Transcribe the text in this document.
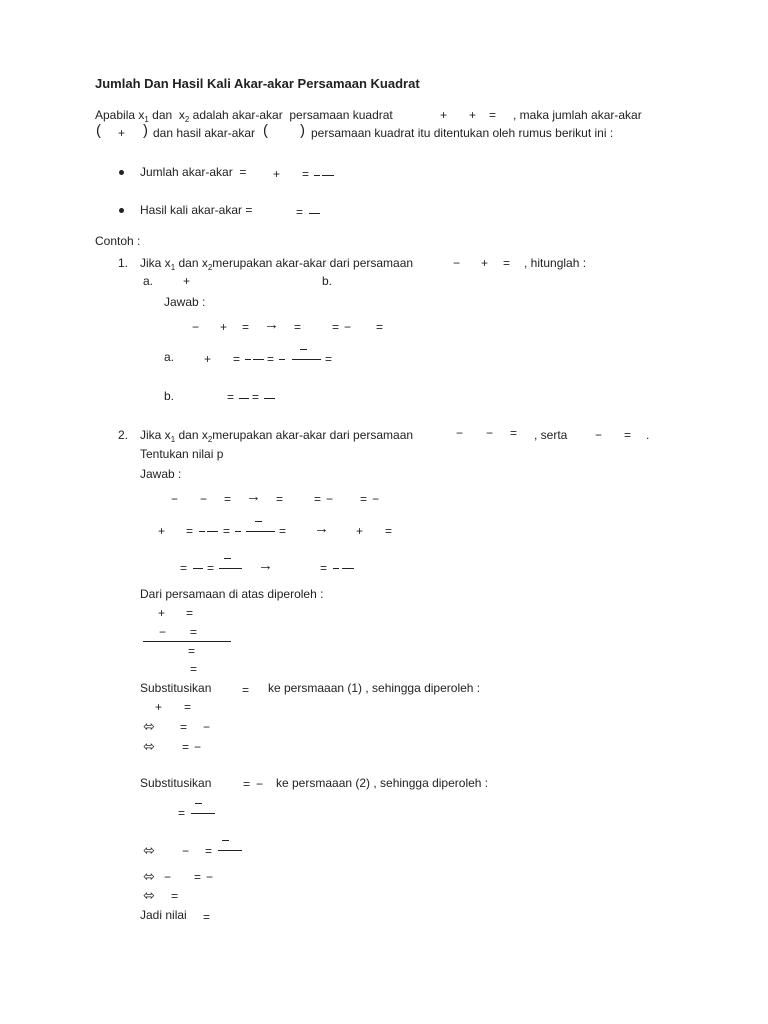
Jumlah Dan Hasil Kali Akar-akar Persamaan Kuadrat
Apabila $x_1$ dan  $x_2$ adalah akar-akar  persamaan kuadrat	+ + = , maka jumlah akar-akar
( + ) dan hasil akar-akar ( ) persamaan kuadrat itu ditentukan oleh rumus berikut ini :
Jumlah akar-akar  = + =
Hasil kali akar-akar =	=
Contoh :
1. Jika $x_1$ dan $x_2merupakan$ akar-akar dari persamaan	− + = , hitunglah :
a. +	b.
Jawab :
− + = → =	= − =
a. + = =	=
b.	= =
2. Jika $x_1$ dan $x_2merupakan$ akar-akar dari persamaan	− − = , serta − = .
Tentukan nilai p
Jawab :
− − = → =	= − = −
+ = =	= → + =
= =	→	=
Dari persamaan di atas diperoleh :
+ =
− =
=
=
Substitusikan	= ke persmaaan (1) , sehingga diperoleh :
+ =
⬄ = −
⬄ = −
Substitusikan	= − ke persmaaan (2) , sehingga diperoleh :
=
⬄ − =
⬄ − = −
⬄ =
Jadi nilai =
